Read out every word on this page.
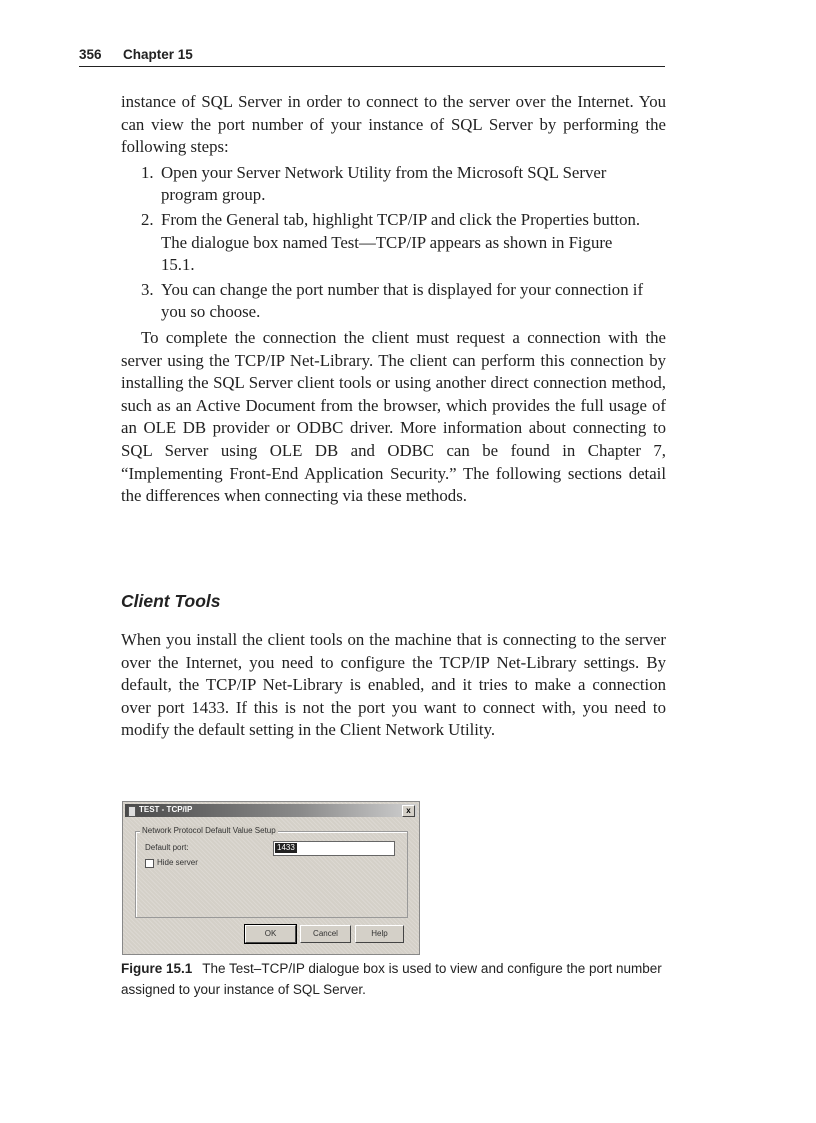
356 Chapter 15

instance of SQL Server in order to connect to the server over the Internet. You can view the port number of your instance of SQL Server by performing the following steps:

1. Open your Server Network Utility from the Microsoft SQL Server program group.
2. From the General tab, highlight TCP/IP and click the Properties button. The dialogue box named Test—TCP/IP appears as shown in Figure 15.1.
3. You can change the port number that is displayed for your connection if you so choose.

To complete the connection the client must request a connection with the server using the TCP/IP Net-Library. The client can perform this connection by installing the SQL Server client tools or using another direct connection method, such as an Active Document from the browser, which provides the full usage of an OLE DB provider or ODBC driver. More information about connecting to SQL Server using OLE DB and ODBC can be found in Chapter 7, “Implementing Front-End Application Security.” The following sections detail the differences when connecting via these methods.

Client Tools

When you install the client tools on the machine that is connecting to the server over the Internet, you need to configure the TCP/IP Net-Library settings. By default, the TCP/IP Net-Library is enabled, and it tries to make a connection over port 1433. If this is not the port you want to connect with, you need to modify the default setting in the Client Network Utility.

TEST - TCP/IP	x
Network Protocol Default Value Setup
Default port:	1433
Hide server
OK	Cancel	Help
Figure 15.1 The Test–TCP/IP dialogue box is used to view and configure the port number assigned to your instance of SQL Server.
